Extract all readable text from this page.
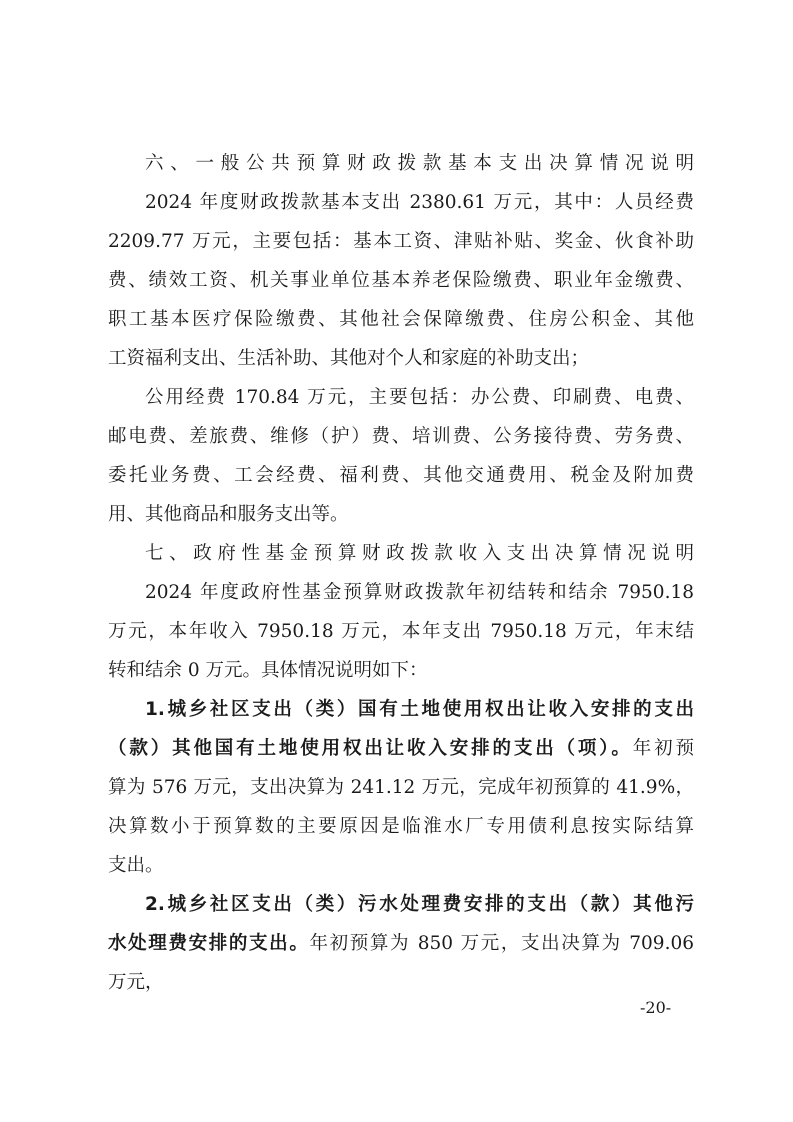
六、一般公共预算财政拨款基本支出决算情况说明
2024 年度财政拨款基本支出 2380.61 万元，其中：人员经费
2209.77 万元，主要包括：基本工资、津贴补贴、奖金、伙食补助
费、绩效工资、机关事业单位基本养老保险缴费、职业年金缴费、
职工基本医疗保险缴费、其他社会保障缴费、住房公积金、其他
工资福利支出、生活补助、其他对个人和家庭的补助支出；
公用经费 170.84 万元，主要包括：办公费、印刷费、电费、
邮电费、差旅费、维修（护）费、培训费、公务接待费、劳务费、
委托业务费、工会经费、福利费、其他交通费用、税金及附加费
用、其他商品和服务支出等。
七、政府性基金预算财政拨款收入支出决算情况说明
2024 年度政府性基金预算财政拨款年初结转和结余 7950.18
万元，本年收入 7950.18 万元，本年支出 7950.18 万元，年末结
转和结余 0 万元。具体情况说明如下：
1.城乡社区支出（类）国有土地使用权出让收入安排的支出
（款）其他国有土地使用权出让收入安排的支出（项）。年初预
算为 576 万元，支出决算为 241.12 万元，完成年初预算的 41.9%，
决算数小于预算数的主要原因是临淮水厂专用债利息按实际结算
支出。
2.城乡社区支出（类）污水处理费安排的支出（款）其他污
水处理费安排的支出。年初预算为 850 万元，支出决算为 709.06
万元，
-20-
